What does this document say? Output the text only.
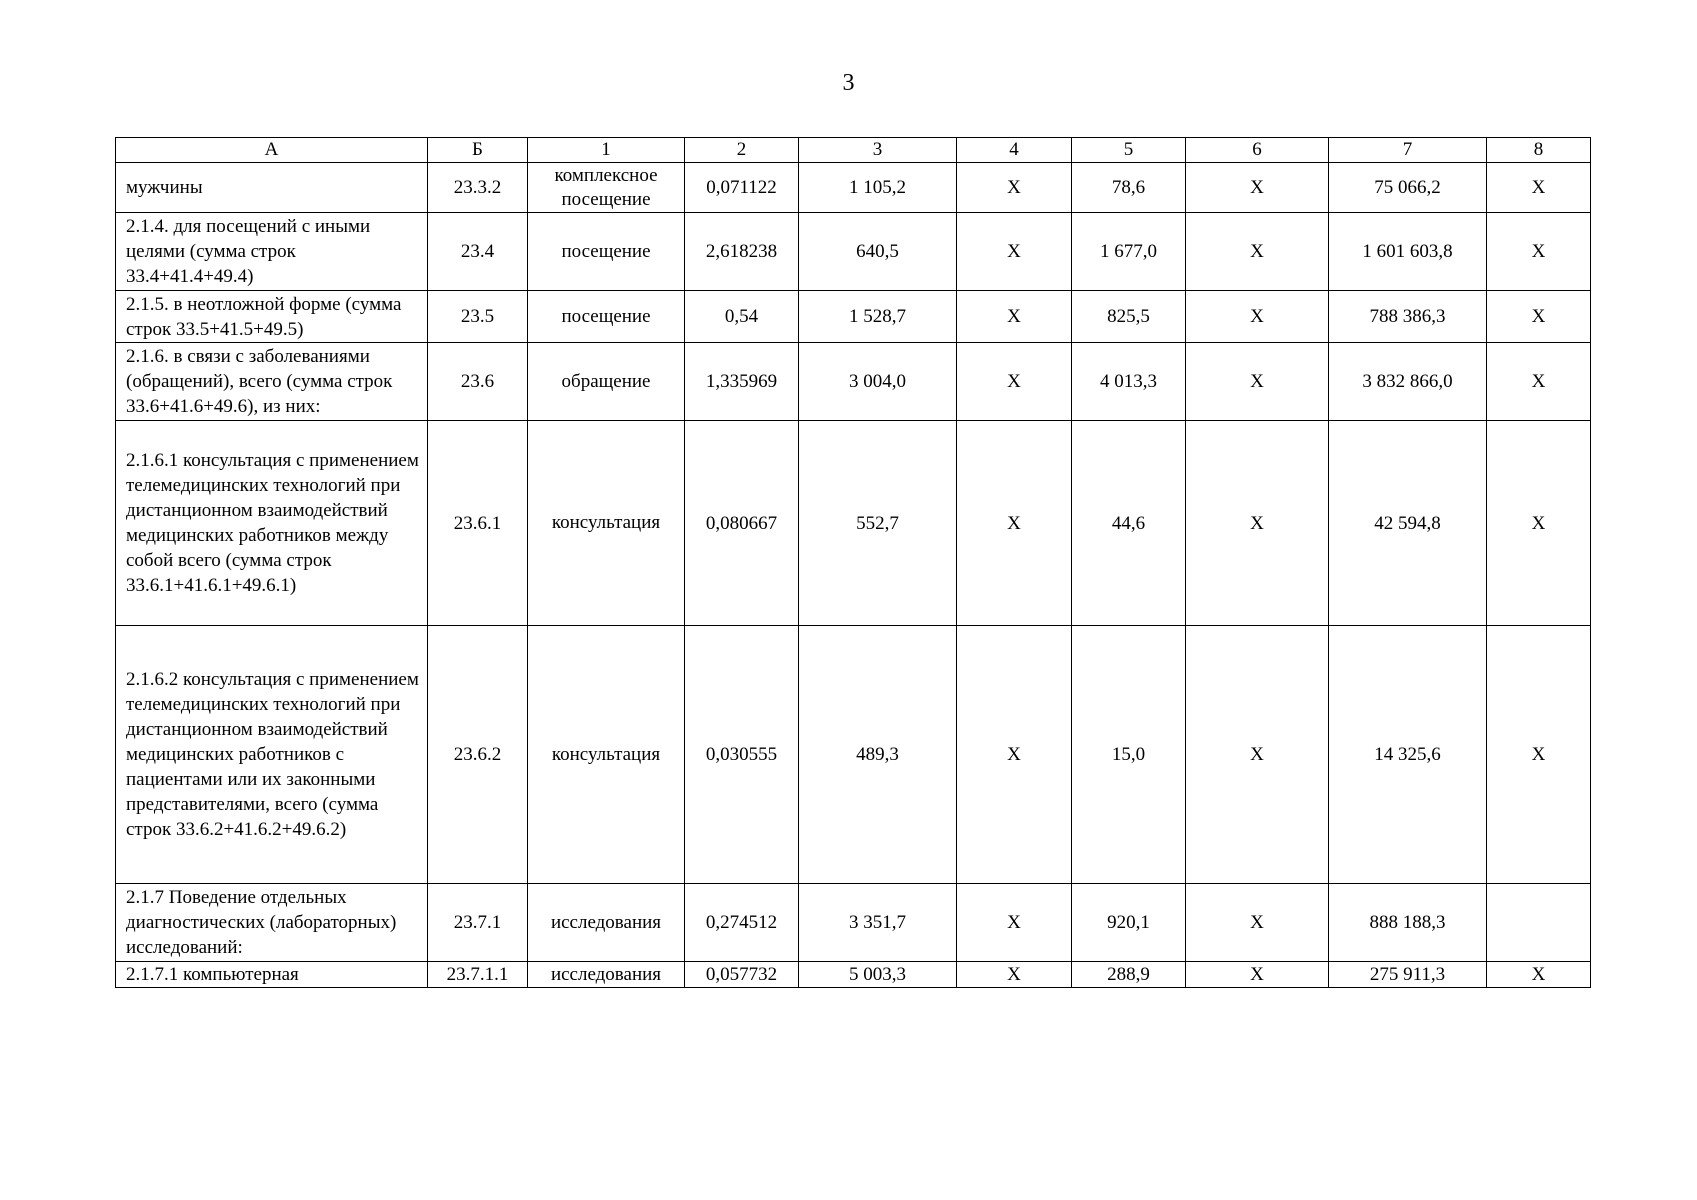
3
А	Б	1	2	3	4	5	6	7	8
мужчины	23.3.2	комплексное посещение	0,071122	1 105,2	Х	78,6	Х	75 066,2	Х
2.1.4. для посещений с иными целями (сумма строк 33.4+41.4+49.4)	23.4	посещение	2,618238	640,5	Х	1 677,0	Х	1 601 603,8	Х
2.1.5. в неотложной форме (сумма строк 33.5+41.5+49.5)	23.5	посещение	0,54	1 528,7	Х	825,5	Х	788 386,3	Х
2.1.6. в связи с заболеваниями (обращений), всего (сумма строк 33.6+41.6+49.6), из них:	23.6	обращение	1,335969	3 004,0	Х	4 013,3	Х	3 832 866,0	Х
2.1.6.1 консультация с применением телемедицинских технологий при дистанционном взаимодействий медицинских работников между собой всего (сумма строк 33.6.1+41.6.1+49.6.1)	23.6.1	консультация	0,080667	552,7	Х	44,6	Х	42 594,8	Х
2.1.6.2 консультация с применением телемедицинских технологий при дистанционном взаимодействий медицинских работников с пациентами или их законными представителями, всего (сумма строк 33.6.2+41.6.2+49.6.2)	23.6.2	консультация	0,030555	489,3	Х	15,0	Х	14 325,6	Х
2.1.7 Поведение отдельных диагностических (лабораторных) исследований:	23.7.1	исследования	0,274512	3 351,7	Х	920,1	Х	888 188,3	
2.1.7.1 компьютерная	23.7.1.1	исследования	0,057732	5 003,3	Х	288,9	Х	275 911,3	Х
